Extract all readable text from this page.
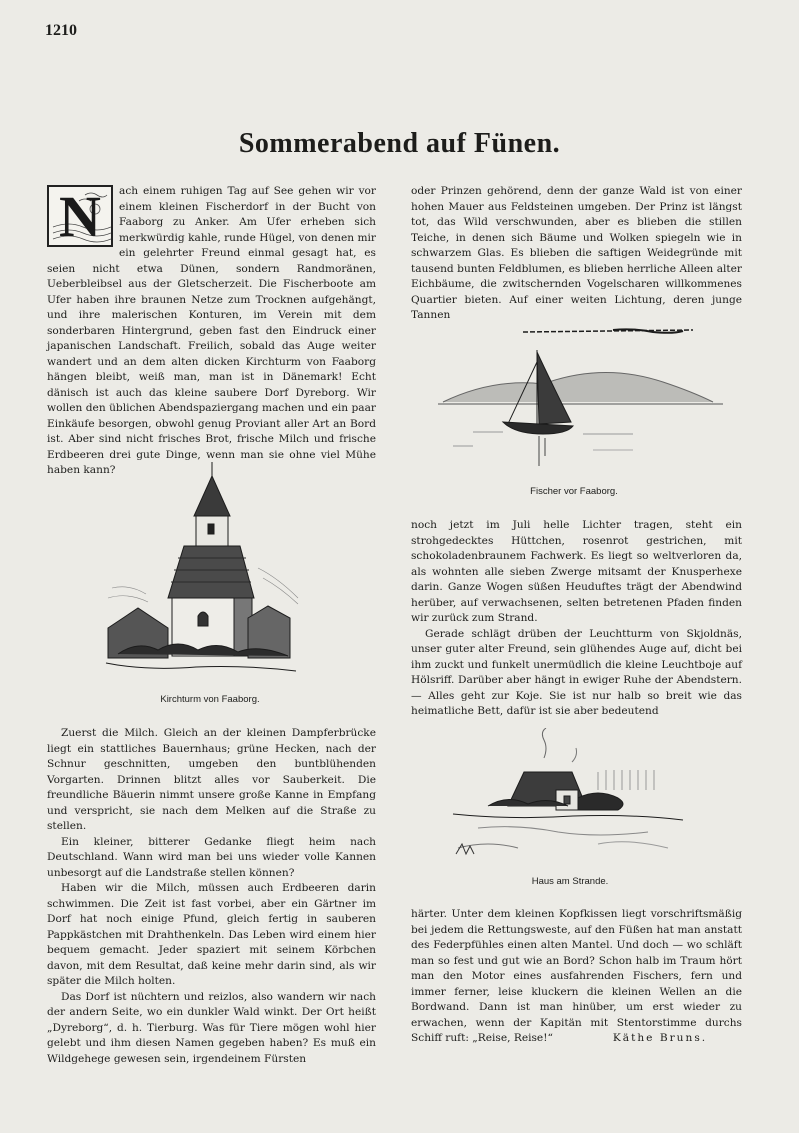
1210
Sommerabend auf Fünen.
N	ach einem ruhigen Tag auf See gehen wir vor einem kleinen Fischerdorf in der Bucht von Faaborg zu Anker. Am Ufer erheben sich merkwürdig kahle, runde Hügel, von denen mir ein gelehrter Freund einmal gesagt hat, es seien nicht etwa Dünen, sondern Randmoränen, Ueberbleibsel aus der Gletscherzeit. Die Fischerboote am Ufer haben ihre braunen Netze zum Trocknen aufgehängt, und ihre malerischen Konturen, im Verein mit dem sonderbaren Hintergrund, geben fast den Eindruck einer japanischen Landschaft. Freilich, sobald das Auge weiter wandert und an dem alten dicken Kirchturm von Faaborg hängen bleibt, weiß man, man ist in Dänemark! Echt dänisch ist auch das kleine saubere Dorf Dyreborg. Wir wollen den üblichen Abendspaziergang machen und ein paar Einkäufe besorgen, obwohl genug Proviant aller Art an Bord ist. Aber sind nicht frisches Brot, frische Milch und frische Erdbeeren drei gute Dinge, wenn man sie ohne viel Mühe haben kann?

Kirchturm von Faaborg.

Zuerst die Milch. Gleich an der kleinen Dampferbrücke liegt ein stattliches Bauernhaus; grüne Hecken, nach der Schnur geschnitten, umgeben den buntblühenden Vorgarten. Drinnen blitzt alles vor Sauberkeit. Die freundliche Bäuerin nimmt unsere große Kanne in Empfang und verspricht, sie nach dem Melken auf die Straße zu stellen.

Ein kleiner, bitterer Gedanke fliegt heim nach Deutschland. Wann wird man bei uns wieder volle Kannen unbesorgt auf die Landstraße stellen können?

Haben wir die Milch, müssen auch Erdbeeren darin schwimmen. Die Zeit ist fast vorbei, aber ein Gärtner im Dorf hat noch einige Pfund, gleich fertig in sauberen Pappkästchen mit Drahthenkeln. Das Leben wird einem hier bequem gemacht. Jeder spaziert mit seinem Körbchen davon, mit dem Resultat, daß keine mehr darin sind, als wir später die Milch holten.

Das Dorf ist nüchtern und reizlos, also wandern wir nach der andern Seite, wo ein dunkler Wald winkt. Der Ort heißt „Dyreborg“, d. h. Tierburg. Was für Tiere mögen wohl hier gelebt und ihm diesen Namen gegeben haben? Es muß ein Wildgehege gewesen sein, irgendeinem Fürsten

oder Prinzen gehörend, denn der ganze Wald ist von einer hohen Mauer aus Feldsteinen umgeben. Der Prinz ist längst tot, das Wild verschwunden, aber es blieben die stillen Teiche, in denen sich Bäume und Wolken spiegeln wie in schwarzem Glas. Es blieben die saftigen Weidegründe mit tausend bunten Feldblumen, es blieben herrliche Alleen alter Eichbäume, die zwitschernden Vogelscharen willkommenes Quartier bieten. Auf einer weiten Lichtung, deren junge Tannen

Fischer vor Faaborg.

noch jetzt im Juli helle Lichter tragen, steht ein strohgedecktes Hüttchen, rosenrot gestrichen, mit schokoladenbraunem Fachwerk. Es liegt so weltverloren da, als wohnten alle sieben Zwerge mitsamt der Knusperhexe darin. Ganze Wogen süßen Heuduftes trägt der Abendwind herüber, auf verwachsenen, selten betretenen Pfaden finden wir zurück zum Strand.

Gerade schlägt drüben der Leuchtturm von Skjoldnäs, unser guter alter Freund, sein glühendes Auge auf, dicht bei ihm zuckt und funkelt unermüdlich die kleine Leuchtboje auf Hölsriff. Darüber aber hängt in ewiger Ruhe der Abendstern. — Alles geht zur Koje. Sie ist nur halb so breit wie das heimatliche Bett, dafür ist sie aber bedeutend

Haus am Strande.

härter. Unter dem kleinen Kopfkissen liegt vorschriftsmäßig bei jedem die Rettungsweste, auf den Füßen hat man anstatt des Federpfühles einen alten Mantel. Und doch — wo schläft man so fest und gut wie an Bord? Schon halb im Traum hört man den Motor eines ausfahrenden Fischers, fern und immer ferner, leise kluckern die kleinen Wellen an die Bordwand. Dann ist man hinüber, um erst wieder zu erwachen, wenn der Kapitän mit Stentorstimme durchs Schiff ruft: „Reise, Reise!“	Käthe Bruns.
